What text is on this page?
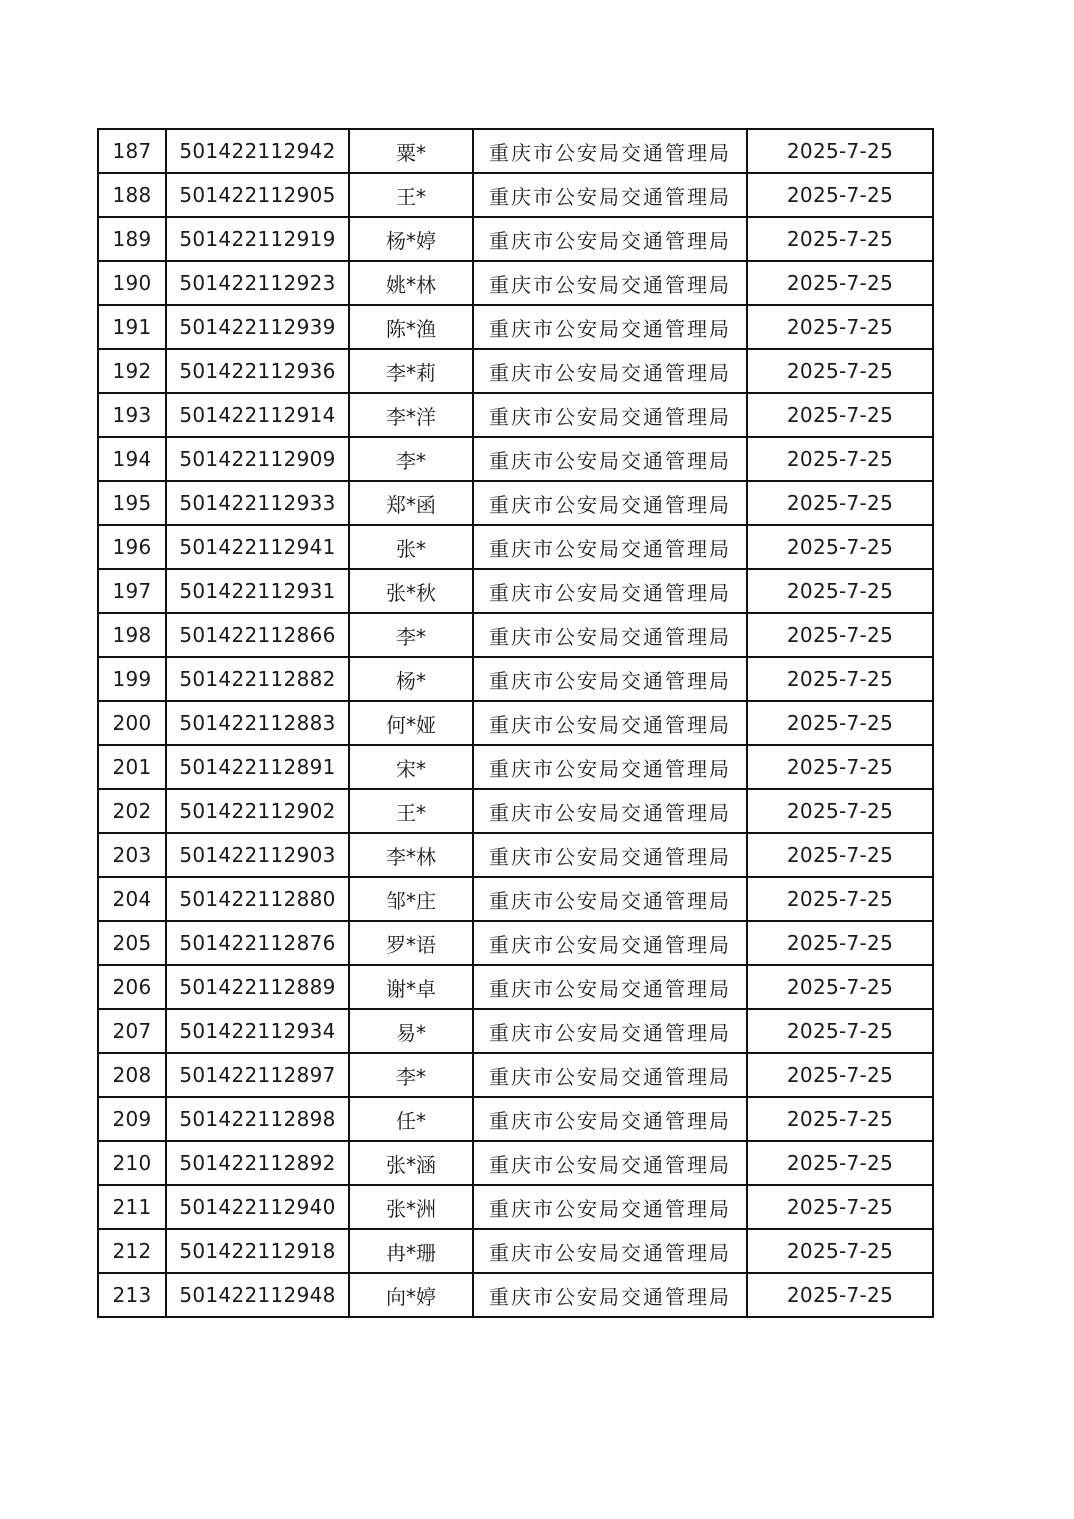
187	501422112942	粟*	重庆市公安局交通管理局	2025-7-25
188	501422112905	王*	重庆市公安局交通管理局	2025-7-25
189	501422112919	杨*婷	重庆市公安局交通管理局	2025-7-25
190	501422112923	姚*林	重庆市公安局交通管理局	2025-7-25
191	501422112939	陈*渔	重庆市公安局交通管理局	2025-7-25
192	501422112936	李*莉	重庆市公安局交通管理局	2025-7-25
193	501422112914	李*洋	重庆市公安局交通管理局	2025-7-25
194	501422112909	李*	重庆市公安局交通管理局	2025-7-25
195	501422112933	郑*函	重庆市公安局交通管理局	2025-7-25
196	501422112941	张*	重庆市公安局交通管理局	2025-7-25
197	501422112931	张*秋	重庆市公安局交通管理局	2025-7-25
198	501422112866	李*	重庆市公安局交通管理局	2025-7-25
199	501422112882	杨*	重庆市公安局交通管理局	2025-7-25
200	501422112883	何*娅	重庆市公安局交通管理局	2025-7-25
201	501422112891	宋*	重庆市公安局交通管理局	2025-7-25
202	501422112902	王*	重庆市公安局交通管理局	2025-7-25
203	501422112903	李*林	重庆市公安局交通管理局	2025-7-25
204	501422112880	邹*庄	重庆市公安局交通管理局	2025-7-25
205	501422112876	罗*语	重庆市公安局交通管理局	2025-7-25
206	501422112889	谢*卓	重庆市公安局交通管理局	2025-7-25
207	501422112934	易*	重庆市公安局交通管理局	2025-7-25
208	501422112897	李*	重庆市公安局交通管理局	2025-7-25
209	501422112898	任*	重庆市公安局交通管理局	2025-7-25
210	501422112892	张*涵	重庆市公安局交通管理局	2025-7-25
211	501422112940	张*洲	重庆市公安局交通管理局	2025-7-25
212	501422112918	冉*珊	重庆市公安局交通管理局	2025-7-25
213	501422112948	向*婷	重庆市公安局交通管理局	2025-7-25
